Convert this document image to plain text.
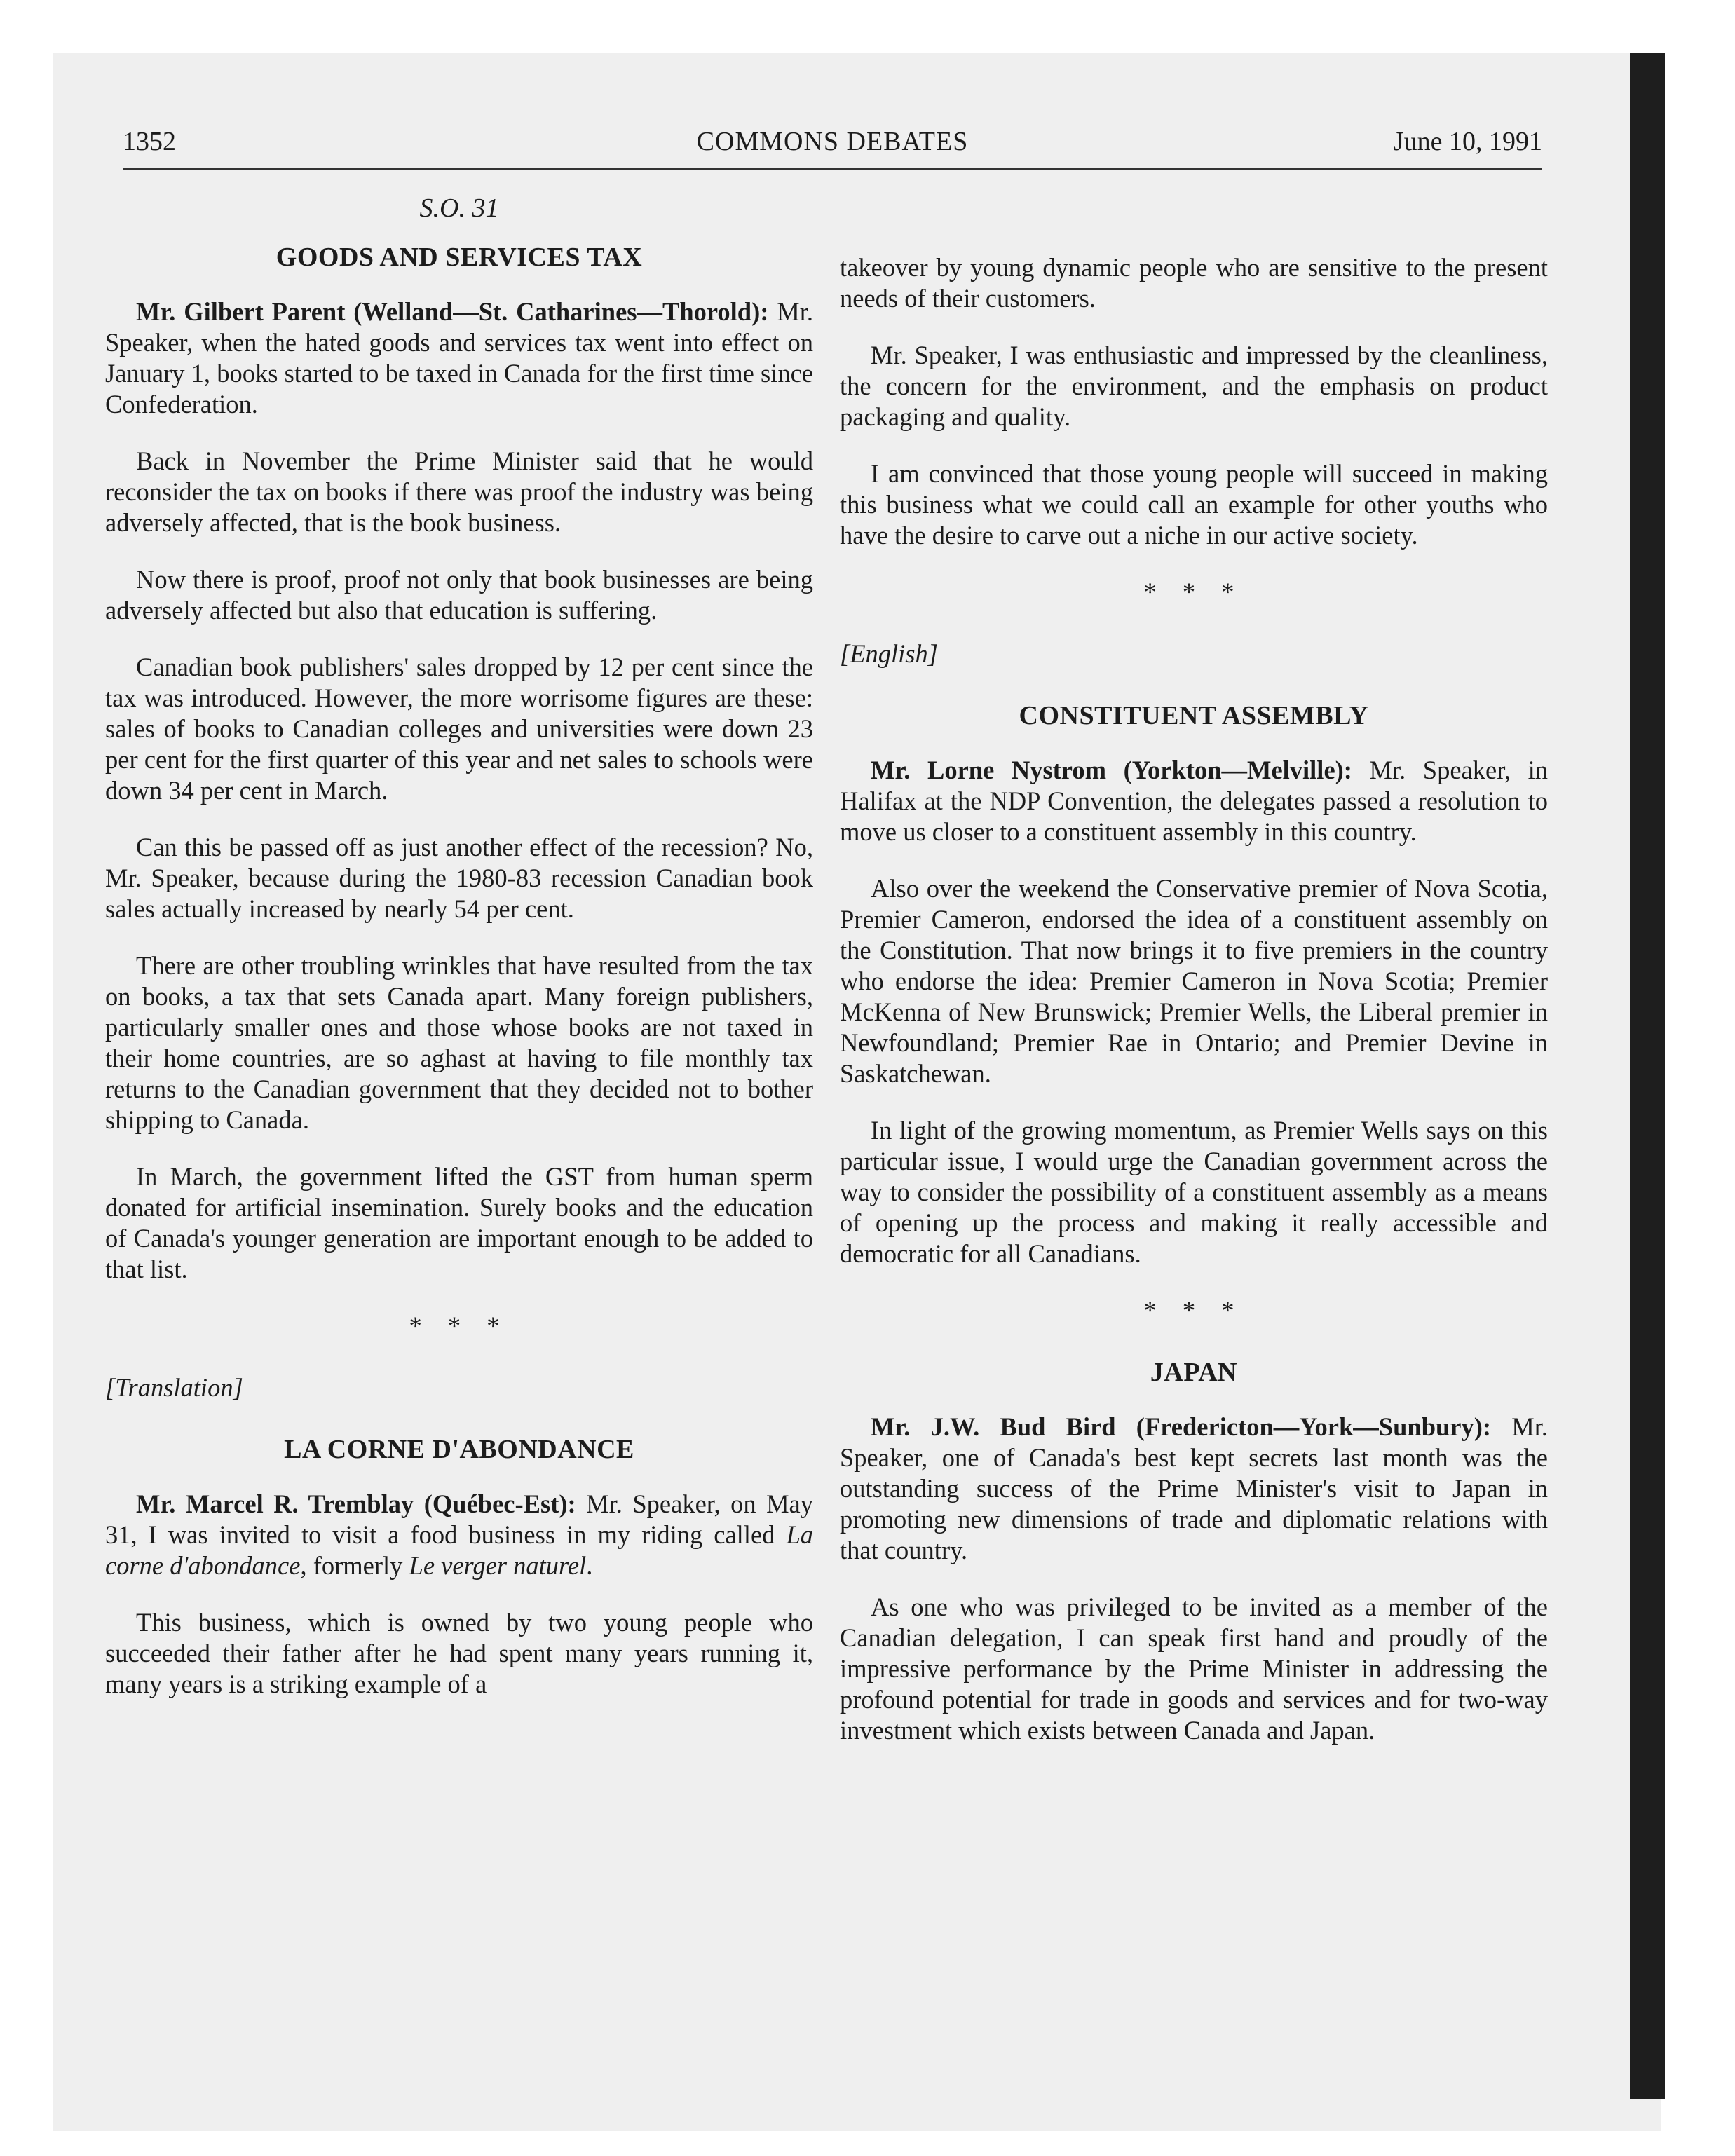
1352	COMMONS DEBATES	June 10, 1991
S.O. 31
GOODS AND SERVICES TAX

Mr. Gilbert Parent (Welland—St. Catharines—Thorold): Mr. Speaker, when the hated goods and services tax went into effect on January 1, books started to be taxed in Canada for the first time since Confederation.

Back in November the Prime Minister said that he would reconsider the tax on books if there was proof the industry was being adversely affected, that is the book business.

Now there is proof, proof not only that book businesses are being adversely affected but also that education is suffering.

Canadian book publishers' sales dropped by 12 per cent since the tax was introduced. However, the more worrisome figures are these: sales of books to Canadian colleges and universities were down 23 per cent for the first quarter of this year and net sales to schools were down 34 per cent in March.

Can this be passed off as just another effect of the recession? No, Mr. Speaker, because during the 1980-83 recession Canadian book sales actually increased by nearly 54 per cent.

There are other troubling wrinkles that have resulted from the tax on books, a tax that sets Canada apart. Many foreign publishers, particularly smaller ones and those whose books are not taxed in their home countries, are so aghast at having to file monthly tax returns to the Canadian government that they decided not to bother shipping to Canada.

In March, the government lifted the GST from human sperm donated for artificial insemination. Surely books and the education of Canada's younger generation are important enough to be added to that list.

* * *
[Translation]
LA CORNE D'ABONDANCE

Mr. Marcel R. Tremblay (Québec-Est): Mr. Speaker, on May 31, I was invited to visit a food business in my riding called La corne d'abondance, formerly Le verger naturel.

This business, which is owned by two young people who succeeded their father after he had spent many years running it, many years is a striking example of a

takeover by young dynamic people who are sensitive to the present needs of their customers.

Mr. Speaker, I was enthusiastic and impressed by the cleanliness, the concern for the environment, and the emphasis on product packaging and quality.

I am convinced that those young people will succeed in making this business what we could call an example for other youths who have the desire to carve out a niche in our active society.

* * *
[English]
CONSTITUENT ASSEMBLY

Mr. Lorne Nystrom (Yorkton—Melville): Mr. Speaker, in Halifax at the NDP Convention, the delegates passed a resolution to move us closer to a constituent assembly in this country.

Also over the weekend the Conservative premier of Nova Scotia, Premier Cameron, endorsed the idea of a constituent assembly on the Constitution. That now brings it to five premiers in the country who endorse the idea: Premier Cameron in Nova Scotia; Premier McKenna of New Brunswick; Premier Wells, the Liberal premier in Newfoundland; Premier Rae in Ontario; and Premier Devine in Saskatchewan.

In light of the growing momentum, as Premier Wells says on this particular issue, I would urge the Canadian government across the way to consider the possibility of a constituent assembly as a means of opening up the process and making it really accessible and democratic for all Canadians.

* * *
JAPAN

Mr. J.W. Bud Bird (Fredericton—York—Sunbury): Mr. Speaker, one of Canada's best kept secrets last month was the outstanding success of the Prime Minister's visit to Japan in promoting new dimensions of trade and diplomatic relations with that country.

As one who was privileged to be invited as a member of the Canadian delegation, I can speak first hand and proudly of the impressive performance by the Prime Minister in addressing the profound potential for trade in goods and services and for two-way investment which exists between Canada and Japan.
